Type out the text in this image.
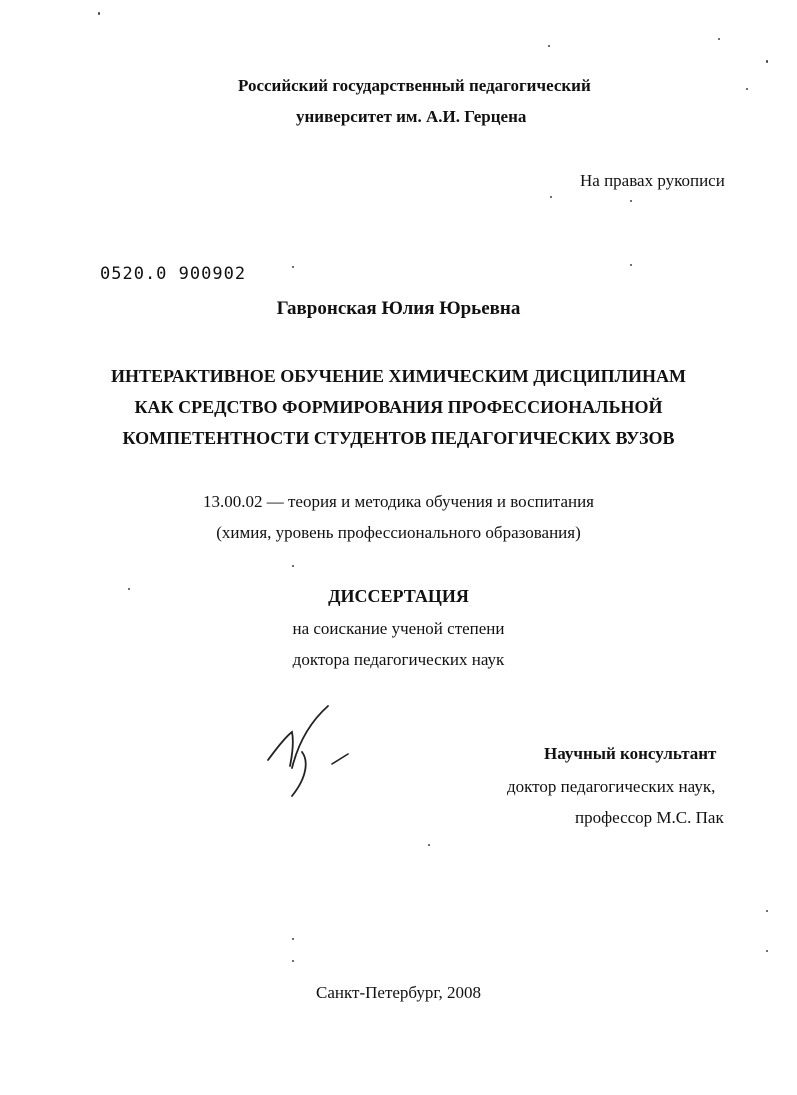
Российский государственный педагогический
университет им. А.И. Герцена
На правах рукописи
0520.0 900902
Гавронская Юлия Юрьевна
ИНТЕРАКТИВНОЕ ОБУЧЕНИЕ ХИМИЧЕСКИМ ДИСЦИПЛИНАМ
КАК СРЕДСТВО ФОРМИРОВАНИЯ ПРОФЕССИОНАЛЬНОЙ
КОМПЕТЕНТНОСТИ СТУДЕНТОВ ПЕДАГОГИЧЕСКИХ ВУЗОВ
13.00.02 — теория и методика обучения и воспитания
(химия, уровень профессионального образования)
ДИССЕРТАЦИЯ
на соискание ученой степени
доктора педагогических наук
Научный консультант
доктор педагогических наук,
профессор М.С. Пак
Санкт-Петербург, 2008
